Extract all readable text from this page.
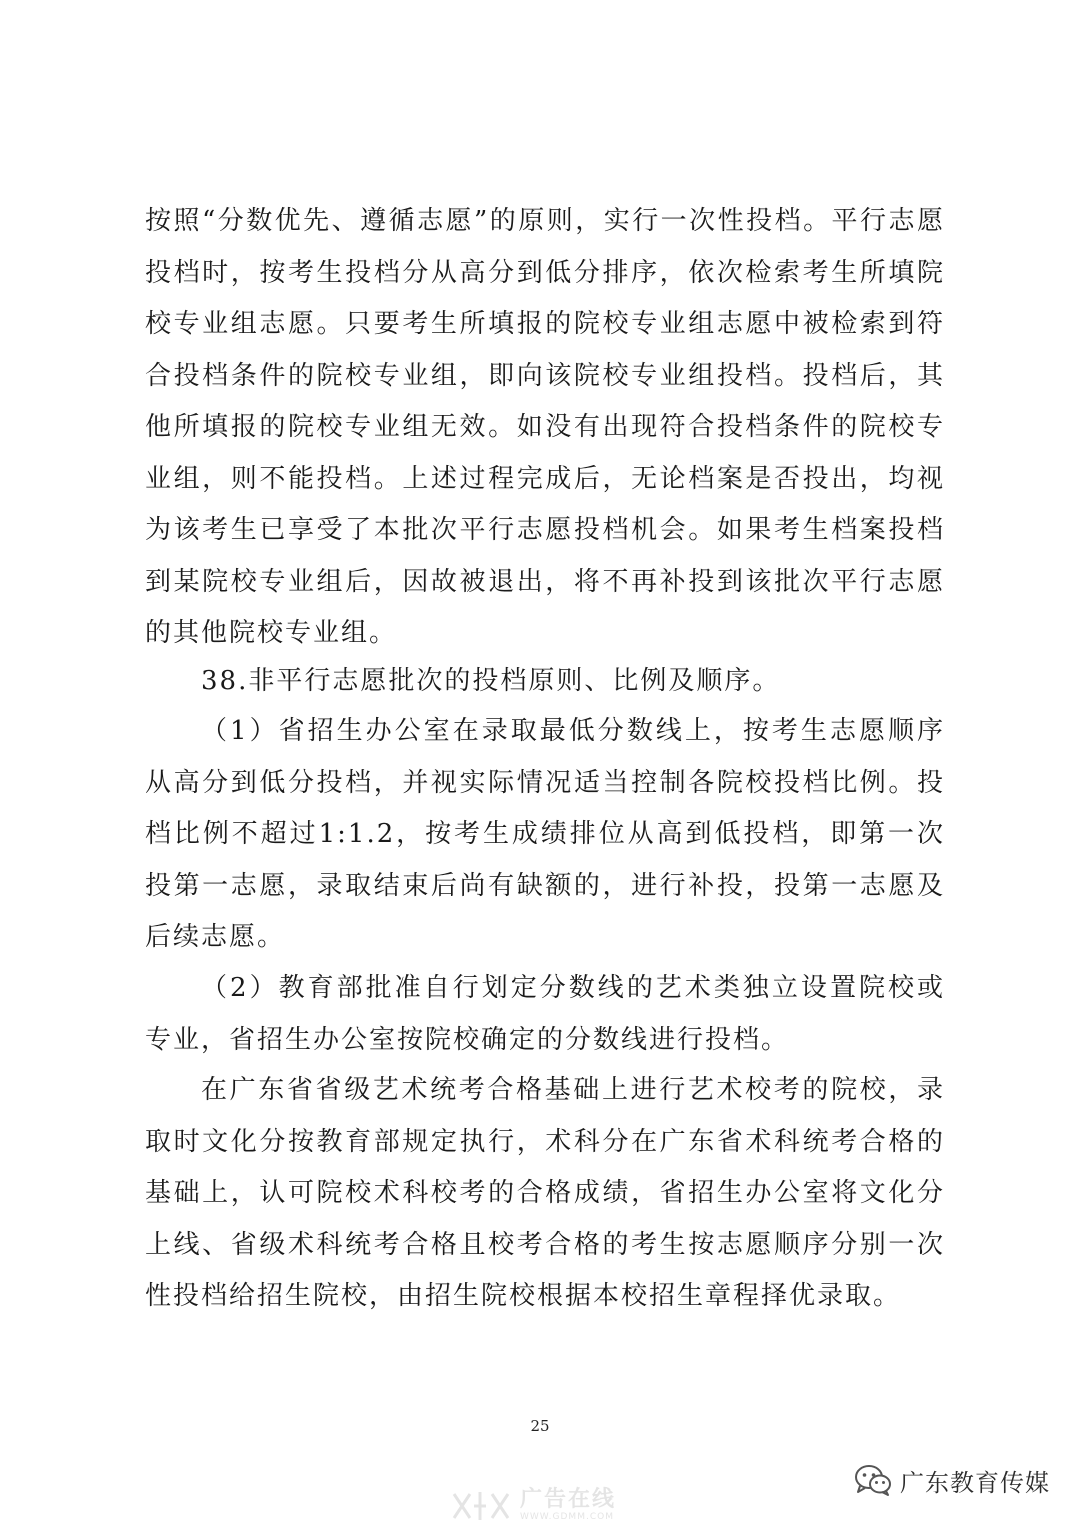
按照“分数优先、遵循志愿”的原则，实行一次性投档。平行志愿投档时，按考生投档分从高分到低分排序，依次检索考生所填院校专业组志愿。只要考生所填报的院校专业组志愿中被检索到符合投档条件的院校专业组，即向该院校专业组投档。投档后，其他所填报的院校专业组无效。如没有出现符合投档条件的院校专业组，则不能投档。上述过程完成后，无论档案是否投出，均视为该考生已享受了本批次平行志愿投档机会。如果考生档案投档到某院校专业组后，因故被退出，将不再补投到该批次平行志愿的其他院校专业组。

38.非平行志愿批次的投档原则、比例及顺序。

（1）省招生办公室在录取最低分数线上，按考生志愿顺序从高分到低分投档，并视实际情况适当控制各院校投档比例。投档比例不超过1:1.2，按考生成绩排位从高到低投档，即第一次投第一志愿，录取结束后尚有缺额的，进行补投，投第一志愿及后续志愿。

（2）教育部批准自行划定分数线的艺术类独立设置院校或专业，省招生办公室按院校确定的分数线进行投档。

在广东省省级艺术统考合格基础上进行艺术校考的院校，录取时文化分按教育部规定执行，术科分在广东省术科统考合格的基础上，认可院校术科校考的合格成绩，省招生办公室将文化分上线、省级术科统考合格且校考合格的考生按志愿顺序分别一次性投档给招生院校，由招生院校根据本校招生章程择优录取。

25
广东教育传媒
广告在线
WWW.GDMM.COM
